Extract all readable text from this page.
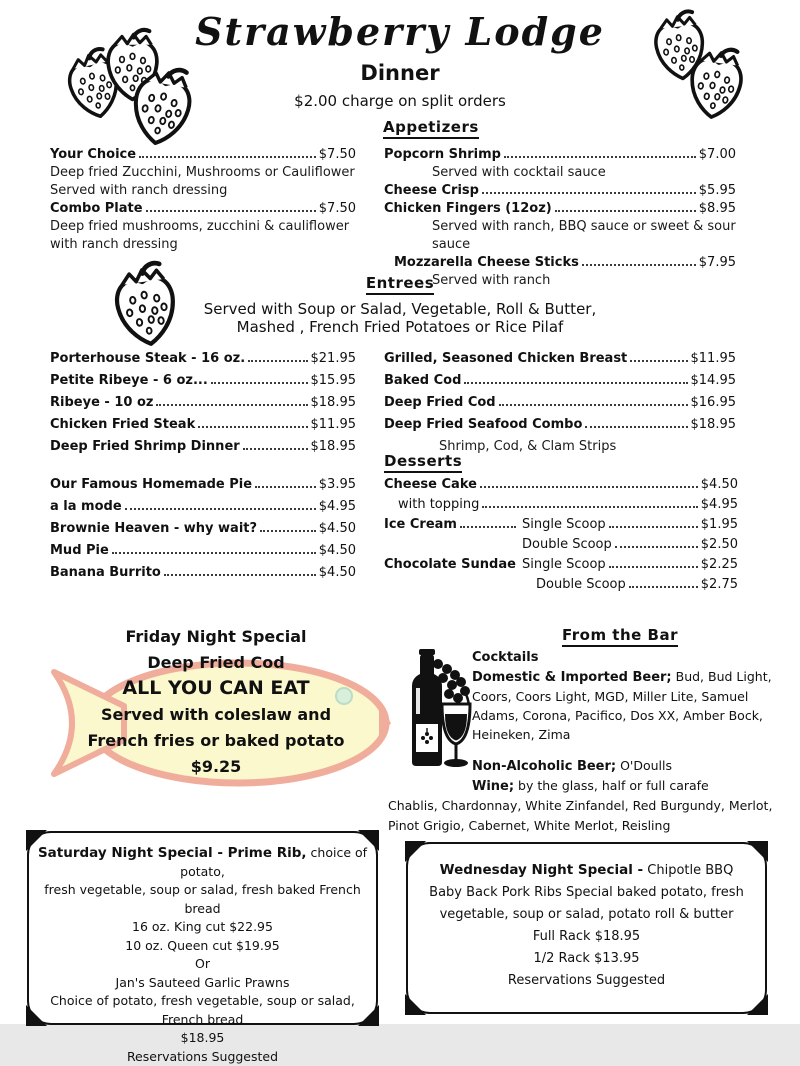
Strawberry Lodge
Dinner
$2.00 charge on split orders
Appetizers
Your Choice	$7.50
Deep fried Zucchini, Mushrooms or Cauliflower
Served with ranch dressing
Combo Plate	$7.50
Deep fried mushrooms, zucchini & cauliflower
with ranch dressing
Popcorn Shrimp	$7.00
Served with cocktail sauce
Cheese Crisp	$5.95
Chicken Fingers (12oz)	$8.95
Served with ranch, BBQ sauce or sweet & sour sauce
Mozzarella Cheese Sticks	$7.95
Served with ranch
Entrees
Served with Soup or Salad, Vegetable, Roll & Butter,
Mashed , French Fried Potatoes or Rice Pilaf
Porterhouse Steak - 16 oz.	$21.95
Petite Ribeye - 6 oz...	$15.95
Ribeye - 10 oz	$18.95
Chicken Fried Steak	$11.95
Deep Fried Shrimp Dinner	$18.95
Grilled, Seasoned Chicken Breast	$11.95
Baked Cod	$14.95
Deep Fried Cod	$16.95
Deep Fried Seafood Combo	$18.95
Shrimp, Cod, & Clam Strips
Desserts
Our Famous Homemade Pie	$3.95
a la mode	$4.95
Brownie Heaven - why wait?	$4.50
Mud Pie	$4.50
Banana Burrito	$4.50
Cheese Cake	$4.50
with topping	$4.95
Ice Cream	Single Scoop	$1.95
Double Scoop	$2.50
Chocolate Sundae Single Scoop	$2.25
Double Scoop	$2.75
Friday Night Special
Deep Fried Cod
ALL YOU CAN EAT
Served with coleslaw and
French fries or baked potato
$9.25
From the Bar
Cocktails
Domestic & Imported Beer; Bud, Bud Light,
Coors, Coors Light, MGD, Miller Lite, Samuel
Adams, Corona, Pacifico, Dos XX, Amber Bock,
Heineken, Zima
Non-Alcoholic Beer; O'Doulls
Wine; by the glass, half or full carafe
Chablis, Chardonnay, White Zinfandel, Red Burgundy, Merlot,
Pinot Grigio, Cabernet, White Merlot, Reisling
Saturday Night Special - Prime Rib, choice of potato,
fresh vegetable, soup or salad, fresh baked French bread
16 oz. King cut $22.95
10 oz. Queen cut $19.95
Or
Jan's Sauteed Garlic Prawns
Choice of potato, fresh vegetable, soup or salad,
French bread
$18.95
Reservations Suggested
Wednesday Night Special - Chipotle BBQ
Baby Back Pork Ribs Special baked potato, fresh
vegetable, soup or salad, potato roll & butter
Full Rack $18.95
1/2 Rack $13.95
Reservations Suggested
